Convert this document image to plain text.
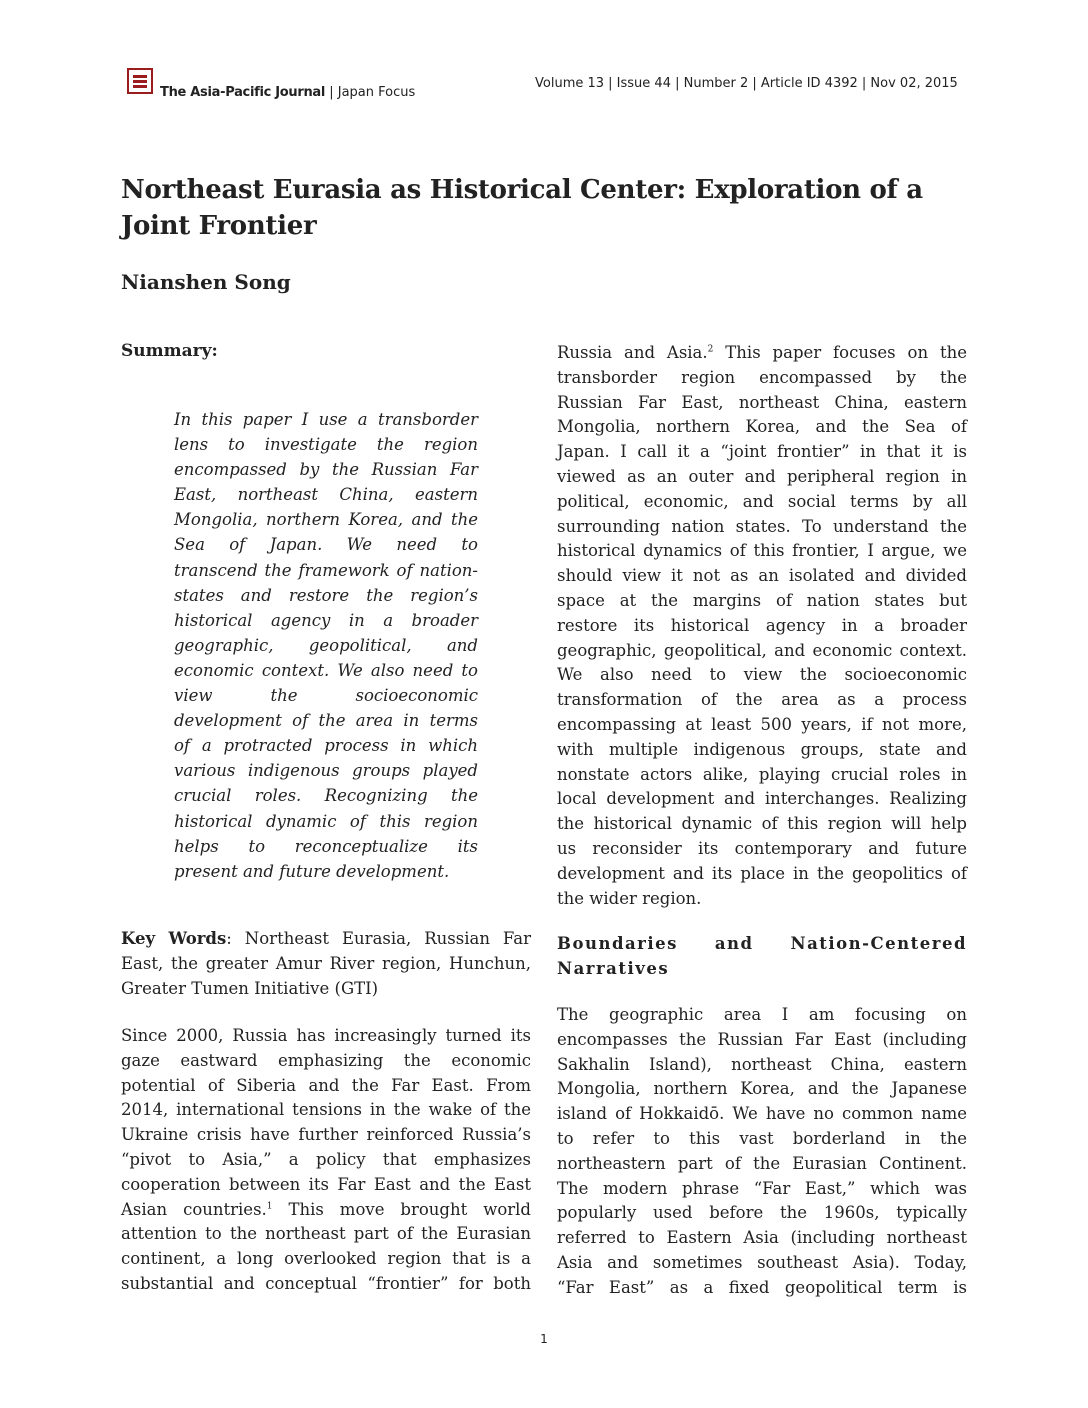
The Asia-Pacific Journal | Japan Focus
Volume 13 | Issue 44 | Number 2 | Article ID 4392 | Nov 02, 2015
Northeast Eurasia as Historical Center: Exploration of a Joint Frontier
Nianshen Song
Summary:
In this paper I use a transborder
lens to investigate the region
encompassed by the Russian Far
East, northeast China, eastern
Mongolia, northern Korea, and the
Sea of Japan. We need to
transcend the framework of nation-
states and restore the region’s
historical agency in a broader
geographic, geopolitical, and
economic context. We also need to
view the socioeconomic
development of the area in terms
of a protracted process in which
various indigenous groups played
crucial roles. Recognizing the
historical dynamic of this region
helps to reconceptualize its
present and future development.
Key Words: Northeast Eurasia, Russian Far
East, the greater Amur River region, Hunchun,
Greater Tumen Initiative (GTI)
Since 2000, Russia has increasingly turned its
gaze eastward emphasizing the economic
potential of Siberia and the Far East. From
2014, international tensions in the wake of the
Ukraine crisis have further reinforced Russia’s
“pivot to Asia,” a policy that emphasizes
cooperation between its Far East and the East
Asian countries.$^1$ This move brought world
attention to the northeast part of the Eurasian
continent, a long overlooked region that is a
substantial and conceptual “frontier” for both
Russia and Asia.$^2$ This paper focuses on the
transborder region encompassed by the
Russian Far East, northeast China, eastern
Mongolia, northern Korea, and the Sea of
Japan. I call it a “joint frontier” in that it is
viewed as an outer and peripheral region in
political, economic, and social terms by all
surrounding nation states. To understand the
historical dynamics of this frontier, I argue, we
should view it not as an isolated and divided
space at the margins of nation states but
restore its historical agency in a broader
geographic, geopolitical, and economic context.
We also need to view the socioeconomic
transformation of the area as a process
encompassing at least 500 years, if not more,
with multiple indigenous groups, state and
nonstate actors alike, playing crucial roles in
local development and interchanges. Realizing
the historical dynamic of this region will help
us reconsider its contemporary and future
development and its place in the geopolitics of
the wider region.
Boundaries and Nation-Centered
Narratives
The geographic area I am focusing on
encompasses the Russian Far East (including
Sakhalin Island), northeast China, eastern
Mongolia, northern Korea, and the Japanese
island of Hokkaidō. We have no common name
to refer to this vast borderland in the
northeastern part of the Eurasian Continent.
The modern phrase “Far East,” which was
popularly used before the 1960s, typically
referred to Eastern Asia (including northeast
Asia and sometimes southeast Asia). Today,
“Far East” as a fixed geopolitical term is
1
